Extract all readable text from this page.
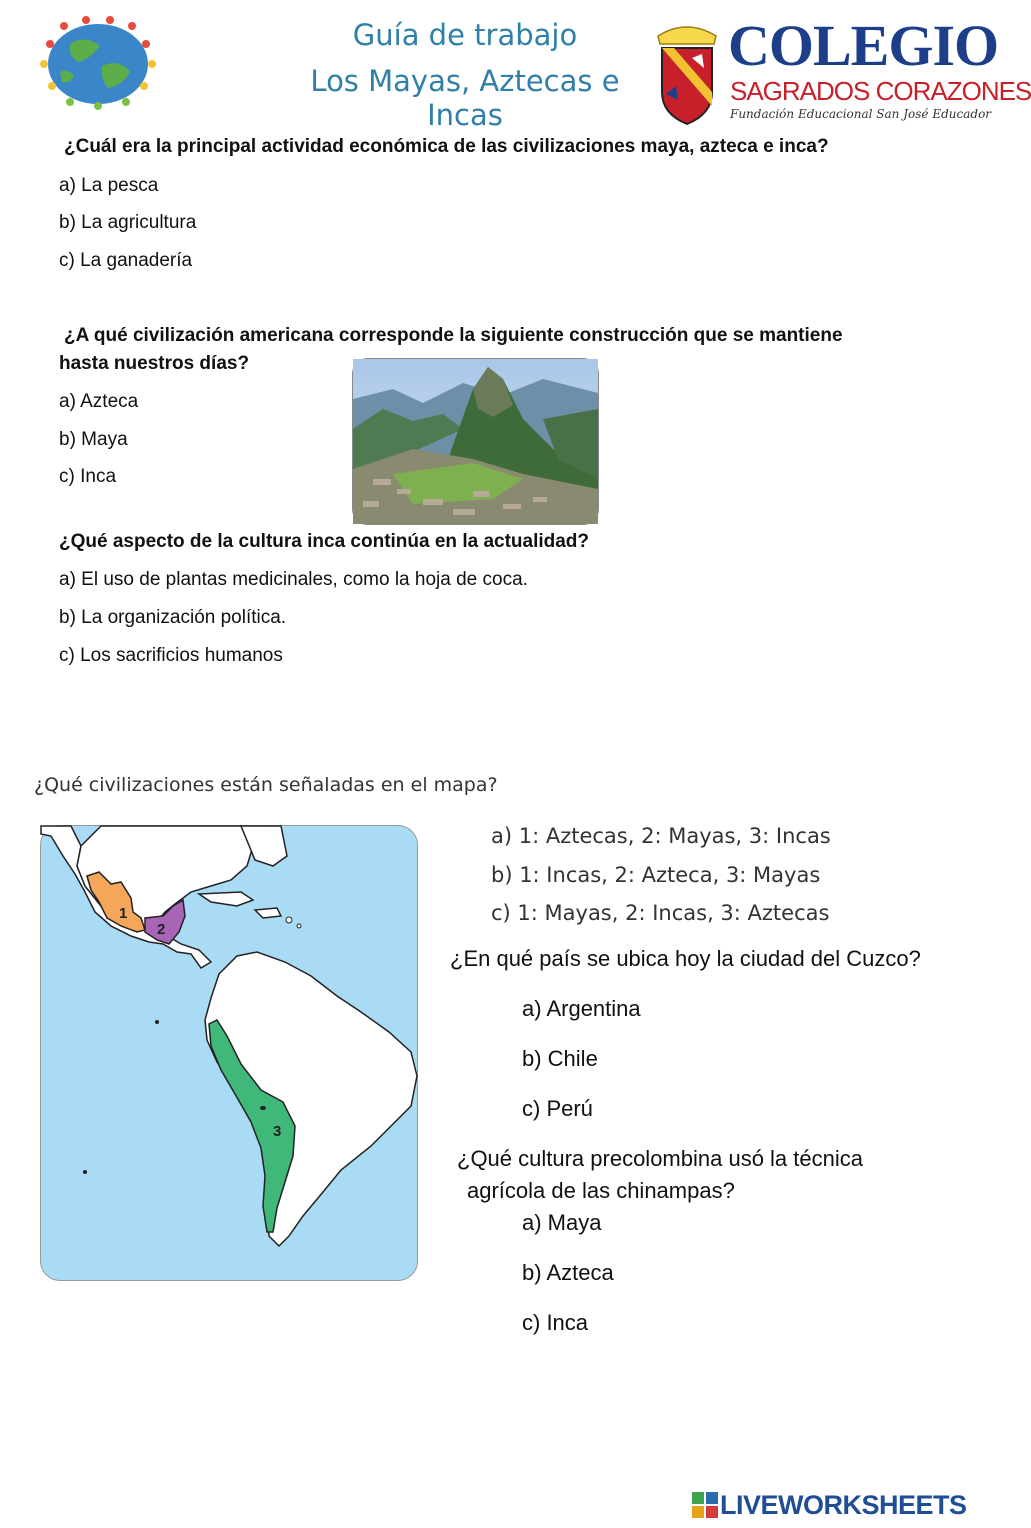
Guía de trabajo
Los Mayas, Aztecas e Incas
COLEGIO
SAGRADOS CORAZONES
Fundación Educacional San José Educador
¿Cuál era la principal actividad económica de las civilizaciones maya, azteca e inca?
a) La pesca
b) La agricultura
c) La ganadería
¿A qué civilización americana corresponde la siguiente construcción que se mantiene
hasta nuestros días?
a) Azteca
b) Maya
c) Inca
¿Qué aspecto de la cultura inca continúa en la actualidad?
a) El uso de plantas medicinales, como la hoja de coca.
b) La organización política.
c) Los sacrificios humanos
¿Qué civilizaciones están señaladas en el mapa?
1
2
3
a) 1: Aztecas, 2: Mayas, 3: Incas
b) 1: Incas, 2: Azteca, 3: Mayas
c) 1: Mayas, 2: Incas, 3: Aztecas
¿En qué país se ubica hoy la ciudad del Cuzco?
a) Argentina
b) Chile
c) Perú
¿Qué cultura precolombina usó la técnica
agrícola de las chinampas?
a) Maya
b) Azteca
c) Inca
LIVEWORKSHEETS
